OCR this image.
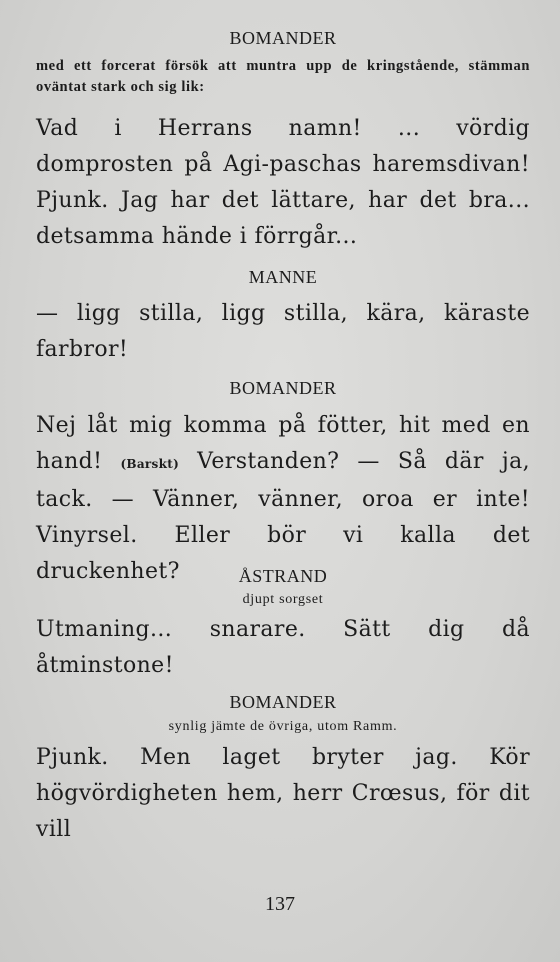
BOMANDER

med ett forcerat försök att muntra upp de kringstående, stämman oväntat stark och sig lik:

Vad i Herrans namn! ... vördig domprosten på Agi-paschas haremsdivan! Pjunk. Jag har det lättare, har det bra... detsamma hände i förrgår...

MANNE

— ligg stilla, ligg stilla, kära, käraste farbror!

BOMANDER

Nej låt mig komma på fötter, hit med en hand! (Barskt) Verstanden? — Så där ja, tack. — Vänner, vänner, oroa er inte! Vinyrsel. Eller bör vi kalla det druckenhet?	ÅSTRAND

djupt sorgset

Utmaning... snarare. Sätt dig då åtminstone!

BOMANDER

synlig jämte de övriga, utom Ramm.

Pjunk. Men laget bryter jag. Kör högvördigheten hem, herr Crœsus, för dit vill

137
